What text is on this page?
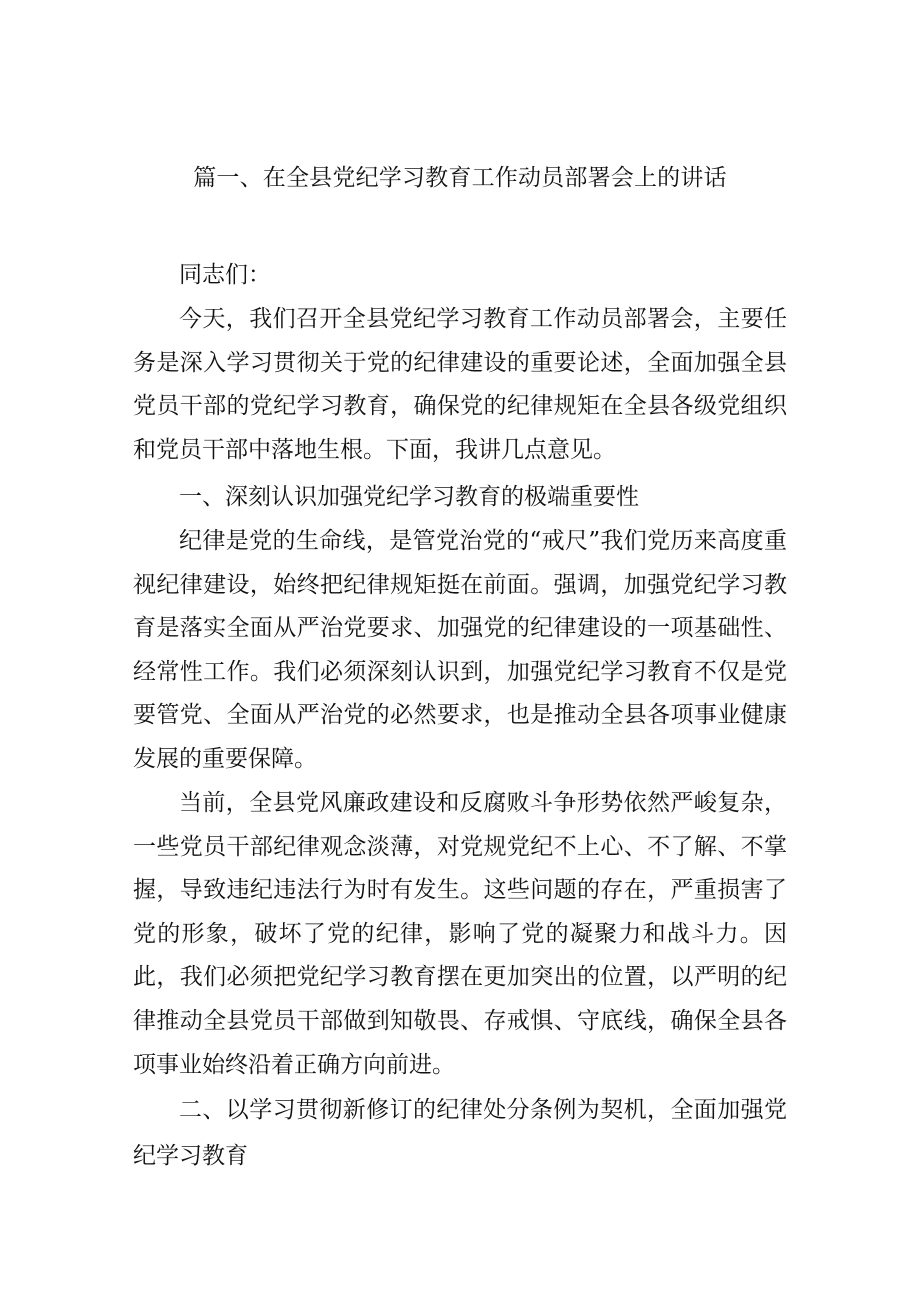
篇一、在全县党纪学习教育工作动员部署会上的讲话
同志们：

今天，我们召开全县党纪学习教育工作动员部署会，主要任务是深入学习贯彻关于党的纪律建设的重要论述，全面加强全县党员干部的党纪学习教育，确保党的纪律规矩在全县各级党组织和党员干部中落地生根。下面，我讲几点意见。

一、深刻认识加强党纪学习教育的极端重要性

纪律是党的生命线，是管党治党的“戒尺”我们党历来高度重视纪律建设，始终把纪律规矩挺在前面。强调，加强党纪学习教育是落实全面从严治党要求、加强党的纪律建设的一项基础性、经常性工作。我们必须深刻认识到，加强党纪学习教育不仅是党要管党、全面从严治党的必然要求，也是推动全县各项事业健康发展的重要保障。

当前，全县党风廉政建设和反腐败斗争形势依然严峻复杂，一些党员干部纪律观念淡薄，对党规党纪不上心、不了解、不掌握，导致违纪违法行为时有发生。这些问题的存在，严重损害了党的形象，破坏了党的纪律，影响了党的凝聚力和战斗力。因此，我们必须把党纪学习教育摆在更加突出的位置，以严明的纪律推动全县党员干部做到知敬畏、存戒惧、守底线，确保全县各项事业始终沿着正确方向前进。

二、以学习贯彻新修订的纪律处分条例为契机，全面加强党纪学习教育
